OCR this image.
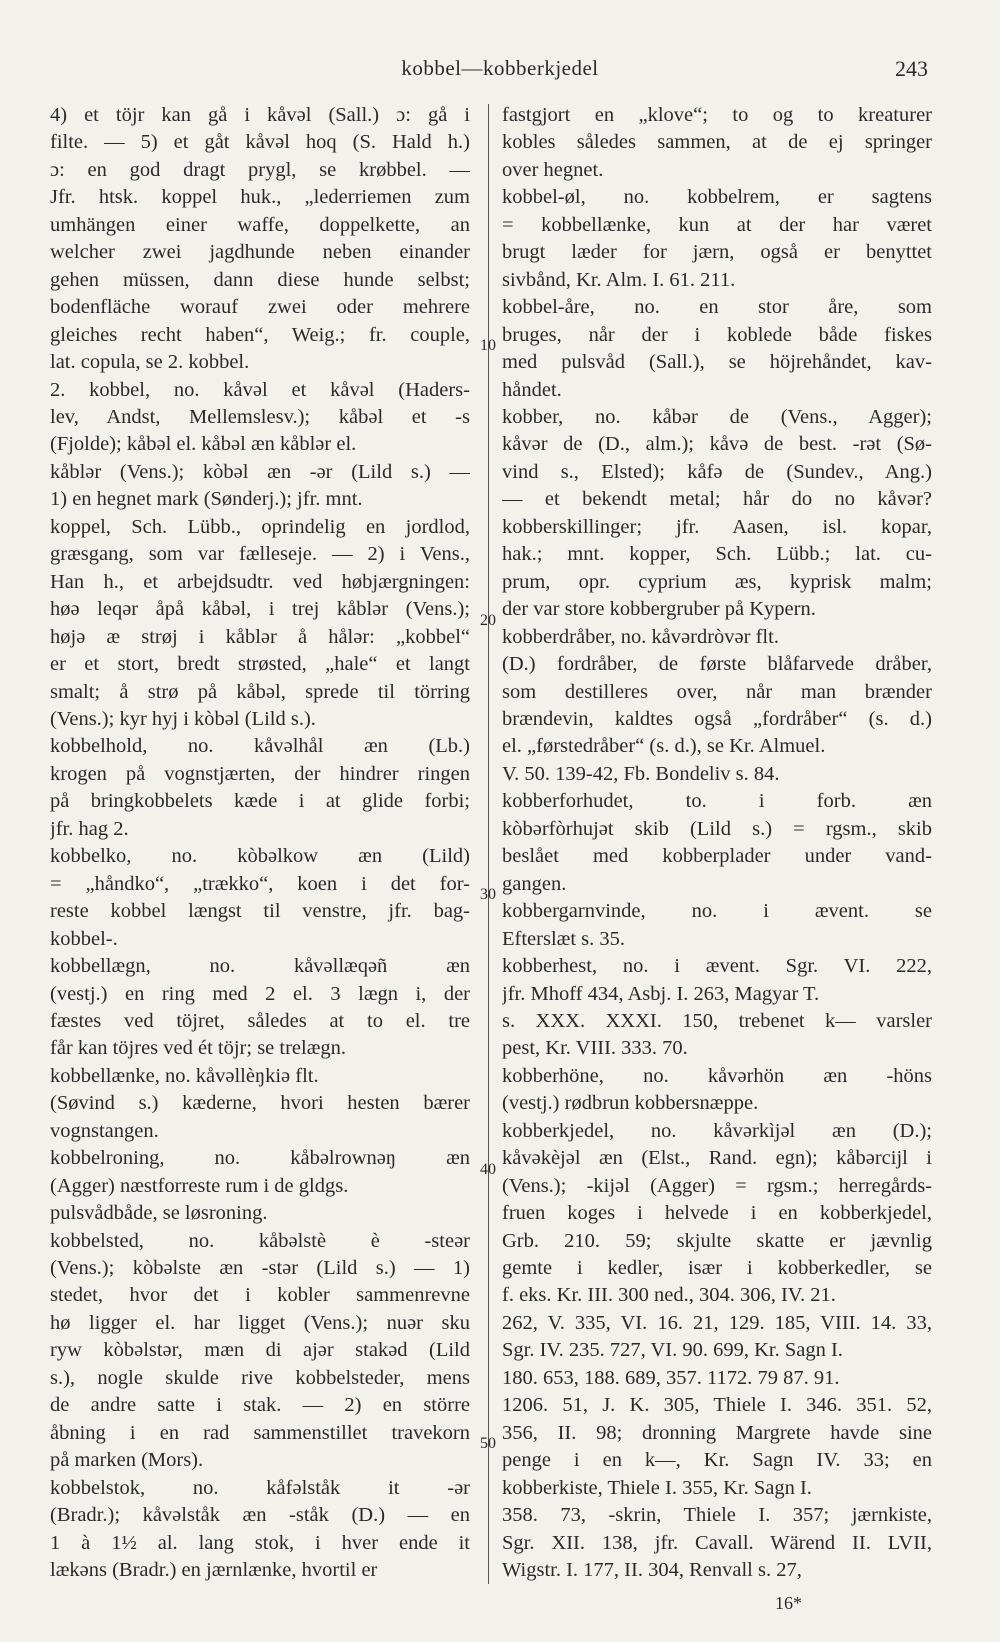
kobbel—kobberkjedel	243
4) et töjr kan gå i kåvəl (Sall.) ɔ: gå i
filte. — 5) et gåt kåvəl hoq (S. Hald h.)
ɔ: en god dragt prygl, se krøbbel. —
Jfr. htsk. koppel huk., „lederriemen zum
umhängen einer waffe, doppelkette, an
welcher zwei jagdhunde neben einander
gehen müssen, dann diese hunde selbst;
bodenfläche worauf zwei oder mehrere
gleiches recht haben“, Weig.; fr. couple,
lat. copula, se 2. kobbel.
2. kobbel, no. kåvəl et kåvəl (Haders-
lev, Andst, Mellemslesv.); kåbəl et -s
(Fjolde); kåbəl el. kåbəl æn kåblər el.
kåblər (Vens.); kòbəl æn -ər (Lild s.) —
1) en hegnet mark (Sønderj.); jfr. mnt.
koppel, Sch. Lübb., oprindelig en jordlod,
græsgang, som var fælleseje. — 2) i Vens.,
Han h., et arbejdsudtr. ved høbjærgningen:
høə leqər åpå kåbəl, i trej kåblər (Vens.);
højə æ strøj i kåblər å hålər: „kobbel“
er et stort, bredt strøsted, „hale“ et langt
smalt; å strø på kåbəl, sprede til törring
(Vens.); kyr hyj i kòbəl (Lild s.).
kobbelhold, no. kåvəlhål æn (Lb.)
krogen på vognstjærten, der hindrer ringen
på bringkobbelets kæde i at glide forbi;
jfr. hag 2.
kobbelko, no. kòbəlkow æn (Lild)
= „håndko“, „trækko“, koen i det for-
reste kobbel længst til venstre, jfr. bag-
kobbel-.
kobbellægn, no. kåvəllæqəñ æn
(vestj.) en ring med 2 el. 3 lægn i, der
fæstes ved töjret, således at to el. tre
får kan töjres ved ét töjr; se trelægn.
kobbellænke, no. kåvəllèŋkiə flt.
(Søvind s.) kæderne, hvori hesten bærer
vognstangen.
kobbelroning, no. kåbəlrownəŋ æn
(Agger) næstforreste rum i de gldgs.
pulsvådbåde, se løsroning.
kobbelsted, no. kåbəlstè è -steər
(Vens.); kòbəlste æn -stər (Lild s.) — 1)
stedet, hvor det i kobler sammenrevne
hø ligger el. har ligget (Vens.); nuər sku
ryw kòbəlstər, mæn di ajər stakəd (Lild
s.), nogle skulde rive kobbelsteder, mens
de andre satte i stak. — 2) en större
åbning i en rad sammenstillet travekorn
på marken (Mors).
kobbelstok, no. kåfəlståk it -ər
(Bradr.); kåvəlståk æn -ståk (D.) — en
1 à 1½ al. lang stok, i hver ende it
lækəns (Bradr.) en jærnlænke, hvortil er
fastgjort en „klove“; to og to kreaturer
kobles således sammen, at de ej springer
over hegnet.
kobbel-øl, no. kobbelrem, er sagtens
= kobbellænke, kun at der har været
brugt læder for jærn, også er benyttet
sivbånd, Kr. Alm. I. 61. 211.
kobbel-åre, no. en stor åre, som
bruges, når der i koblede både fiskes
med pulsvåd (Sall.), se höjrehåndet, kav-
håndet.
kobber, no. kåbər de (Vens., Agger);
kåvər de (D., alm.); kåvə de best. -rət (Sø-
vind s., Elsted); kåfə de (Sundev., Ang.)
— et bekendt metal; hår do no kåvər?
kobberskillinger; jfr. Aasen, isl. kopar,
hak.; mnt. kopper, Sch. Lübb.; lat. cu-
prum, opr. cyprium æs, kyprisk malm;
der var store kobbergruber på Kypern.
kobberdråber, no. kåvərdròvər flt.
(D.) fordråber, de første blåfarvede dråber,
som destilleres over, når man brænder
brændevin, kaldtes også „fordråber“ (s. d.)
el. „førstedråber“ (s. d.), se Kr. Almuel.
V. 50. 139-42, Fb. Bondeliv s. 84.
kobberforhudet, to. i forb. æn
kòbərfòrhujət skib (Lild s.) = rgsm., skib
beslået med kobberplader under vand-
gangen.
kobbergarnvinde, no. i ævent. se
Efterslæt s. 35.
kobberhest, no. i ævent. Sgr. VI. 222,
jfr. Mhoff 434, Asbj. I. 263, Magyar T.
s. XXX. XXXI. 150, trebenet k— varsler
pest, Kr. VIII. 333. 70.
kobberhöne, no. kåvərhön æn -höns
(vestj.) rødbrun kobbersnæppe.
kobberkjedel, no. kåvərkìjəl æn (D.);
kåvəkèjəl æn (Elst., Rand. egn); kåbərcijl i
(Vens.); -kijəl (Agger) = rgsm.; herregårds-
fruen koges i helvede i en kobberkjedel,
Grb. 210. 59; skjulte skatte er jævnlig
gemte i kedler, især i kobberkedler, se
f. eks. Kr. III. 300 ned., 304. 306, IV. 21.
262, V. 335, VI. 16. 21, 129. 185, VIII. 14. 33,
Sgr. IV. 235. 727, VI. 90. 699, Kr. Sagn I.
180. 653, 188. 689, 357. 1172. 79 87. 91.
1206. 51, J. K. 305, Thiele I. 346. 351. 52,
356, II. 98; dronning Margrete havde sine
penge i en k—, Kr. Sagn IV. 33; en
kobberkiste, Thiele I. 355, Kr. Sagn I.
358. 73, -skrin, Thiele I. 357; jærnkiste,
Sgr. XII. 138, jfr. Cavall. Wärend II. LVII,
Wigstr. I. 177, II. 304, Renvall s. 27,
10
20
30
40
50
16*
